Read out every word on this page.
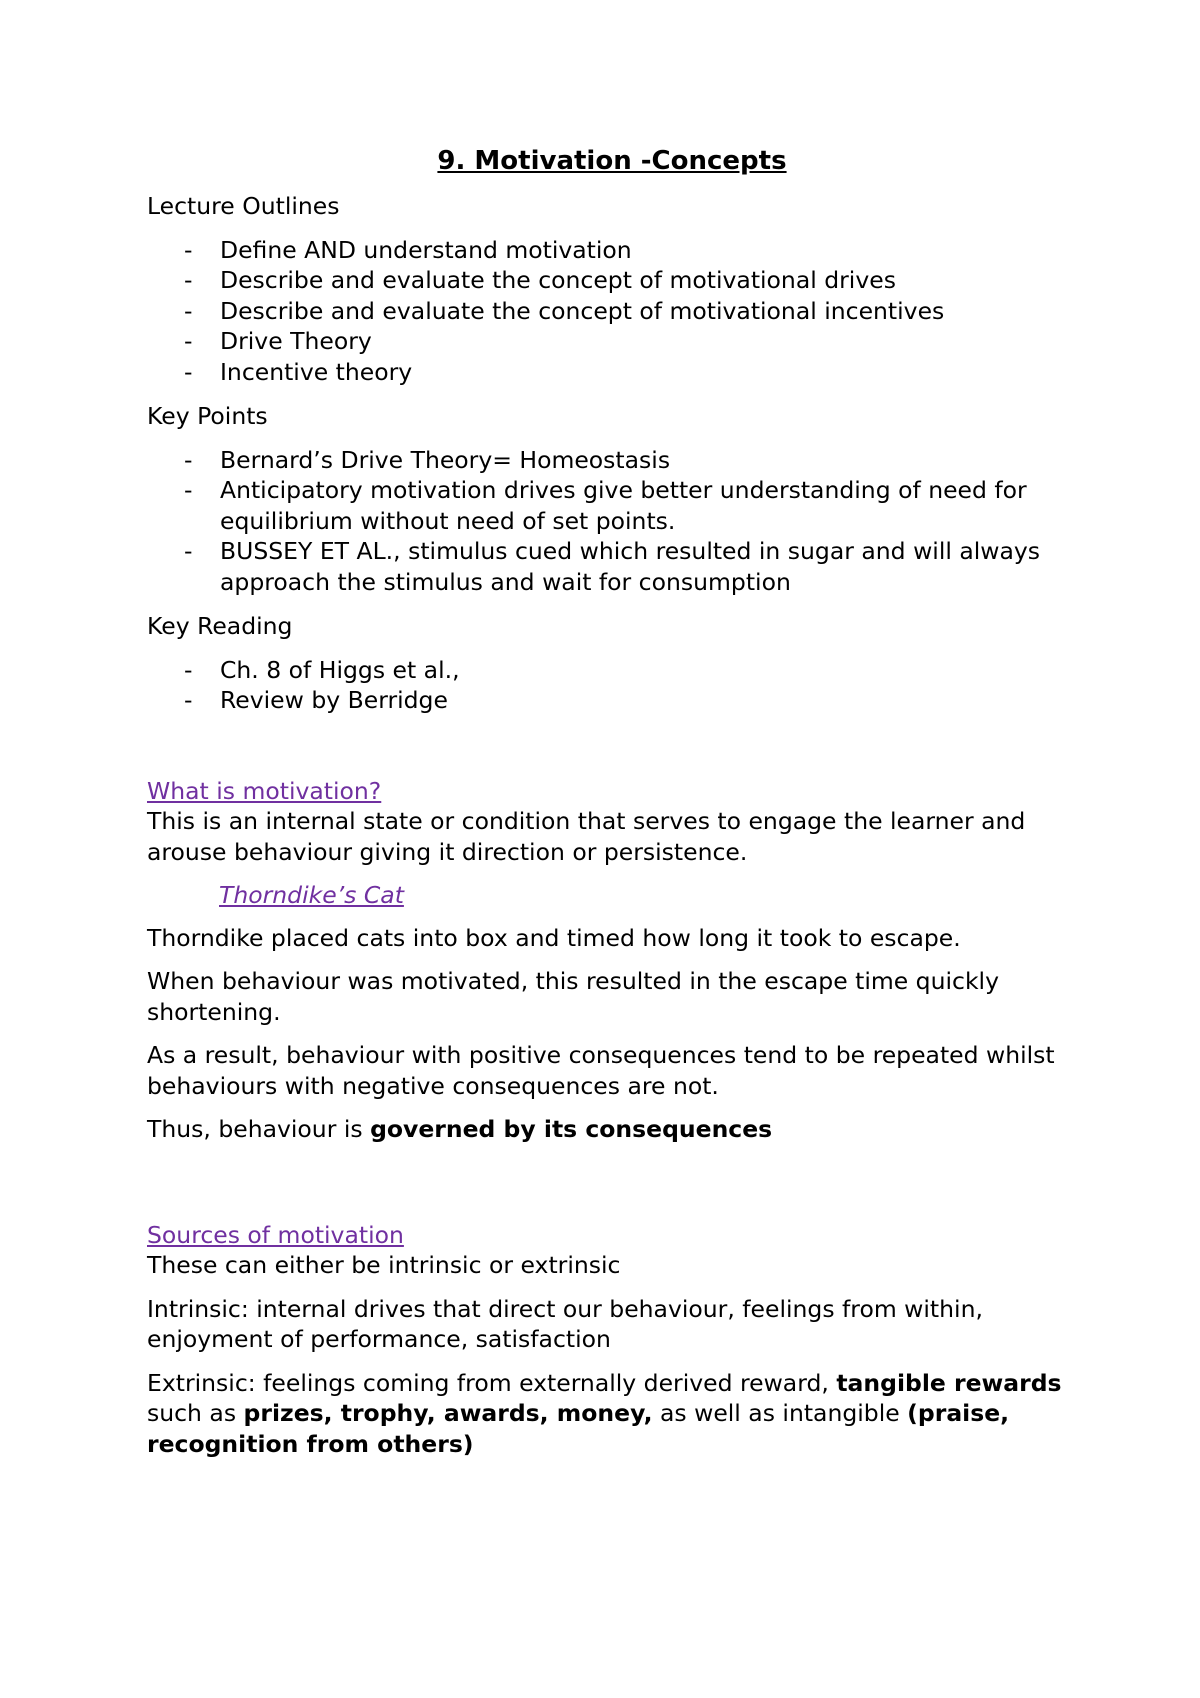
9. Motivation -Concepts
Lecture Outlines
- Define AND understand motivation
- Describe and evaluate the concept of motivational drives
- Describe and evaluate the concept of motivational incentives
- Drive Theory
- Incentive theory
Key Points
- Bernard’s Drive Theory= Homeostasis
- Anticipatory motivation drives give better understanding of need for equilibrium without need of set points.
- BUSSEY ET AL., stimulus cued which resulted in sugar and will always approach the stimulus and wait for consumption
Key Reading
- Ch. 8 of Higgs et al.,
- Review by Berridge
What is motivation?

This is an internal state or condition that serves to engage the learner and arouse behaviour giving it direction or persistence.

Thorndike’s Cat

Thorndike placed cats into box and timed how long it took to escape.

When behaviour was motivated, this resulted in the escape time quickly shortening.

As a result, behaviour with positive consequences tend to be repeated whilst behaviours with negative consequences are not.

Thus, behaviour is governed by its consequences

Sources of motivation

These can either be intrinsic or extrinsic

Intrinsic: internal drives that direct our behaviour, feelings from within, enjoyment of performance, satisfaction

Extrinsic: feelings coming from externally derived reward, tangible rewards such as prizes, trophy, awards, money, as well as intangible (praise, recognition from others)
